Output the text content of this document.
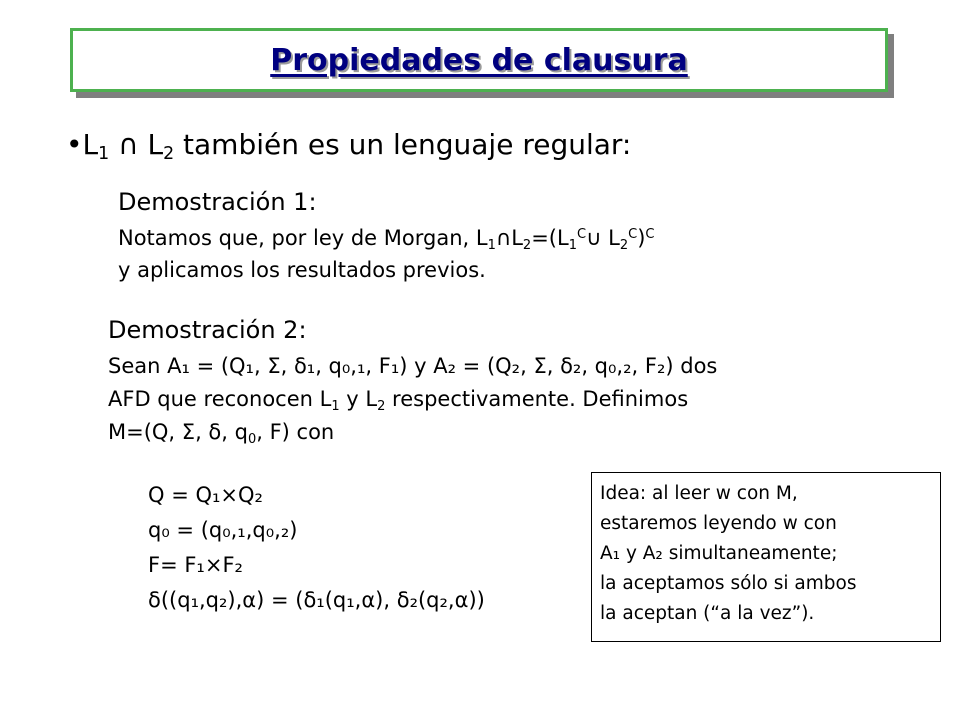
Propiedades de clausura
$•L_1$ ∩ $L_2$ también es un lenguaje regular:
Demostración 1:
Notamos que, por ley de Morgan, $L_1\cap L_2=(L_1^C\cup$ $L_2^C)^C$
y aplicamos los resultados previos.
Demostración 2:
Sean A₁ = (Q₁, Σ, δ₁, q₀,₁, F₁) y A₂ = (Q₂, Σ, δ₂, q₀,₂, F₂) dos
AFD que reconocen $L_1$ y $L_2$ respectivamente. Definimos
M=(Q, Σ, δ, $q_0$, F) con
Q = Q₁×Q₂
q₀ = (q₀,₁,q₀,₂)
F= F₁×F₂
δ((q₁,q₂),α) = (δ₁(q₁,α), δ₂(q₂,α))
Idea: al leer w con M,
estaremos leyendo w con
A₁ y A₂ simultaneamente;
la aceptamos sólo si ambos
la aceptan (“a la vez”).
